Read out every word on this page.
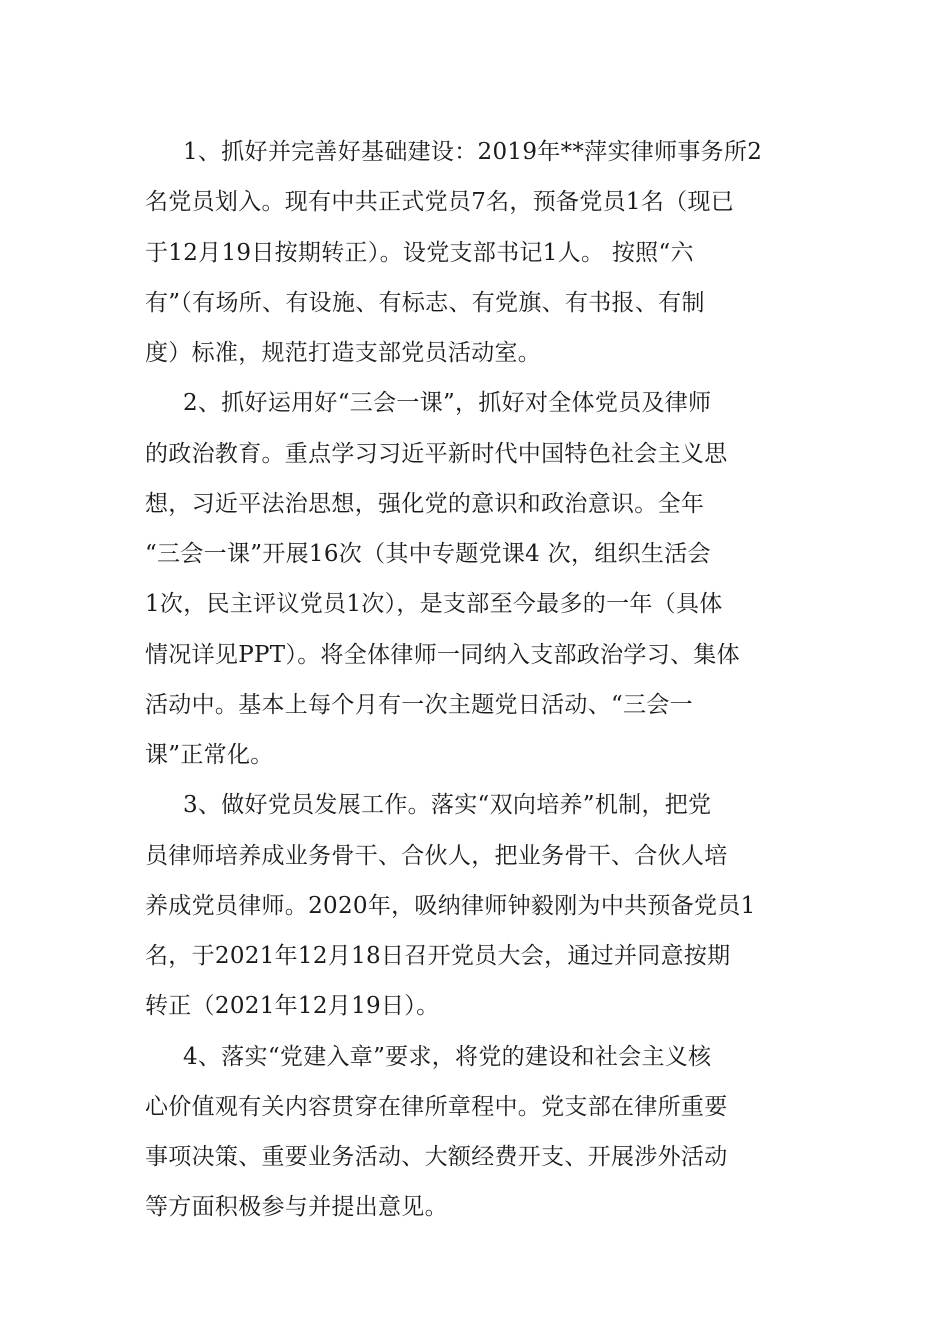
1、抓好并完善好基础建设：2019年**萍实律师事务所2
名党员划入。现有中共正式党员7名，预备党员1名（现已
于12月19日按期转正）。设党支部书记1人。 按照“六
有”（有场所、有设施、有标志、有党旗、有书报、有制
度）标准，规范打造支部党员活动室。
2、抓好运用好“三会一课”，抓好对全体党员及律师
的政治教育。重点学习习近平新时代中国特色社会主义思
想，习近平法治思想，强化党的意识和政治意识。全年
“三会一课”开展16次（其中专题党课4 次，组织生活会
1次，民主评议党员1次），是支部至今最多的一年（具体
情况详见PPT）。将全体律师一同纳入支部政治学习、集体
活动中。基本上每个月有一次主题党日活动、“三会一
课”正常化。
3、做好党员发展工作。落实“双向培养”机制，把党
员律师培养成业务骨干、合伙人，把业务骨干、合伙人培
养成党员律师。2020年，吸纳律师钟毅刚为中共预备党员1
名，于2021年12月18日召开党员大会，通过并同意按期
转正（2021年12月19日）。
4、落实“党建入章”要求，将党的建设和社会主义核
心价值观有关内容贯穿在律所章程中。党支部在律所重要
事项决策、重要业务活动、大额经费开支、开展涉外活动
等方面积极参与并提出意见。
